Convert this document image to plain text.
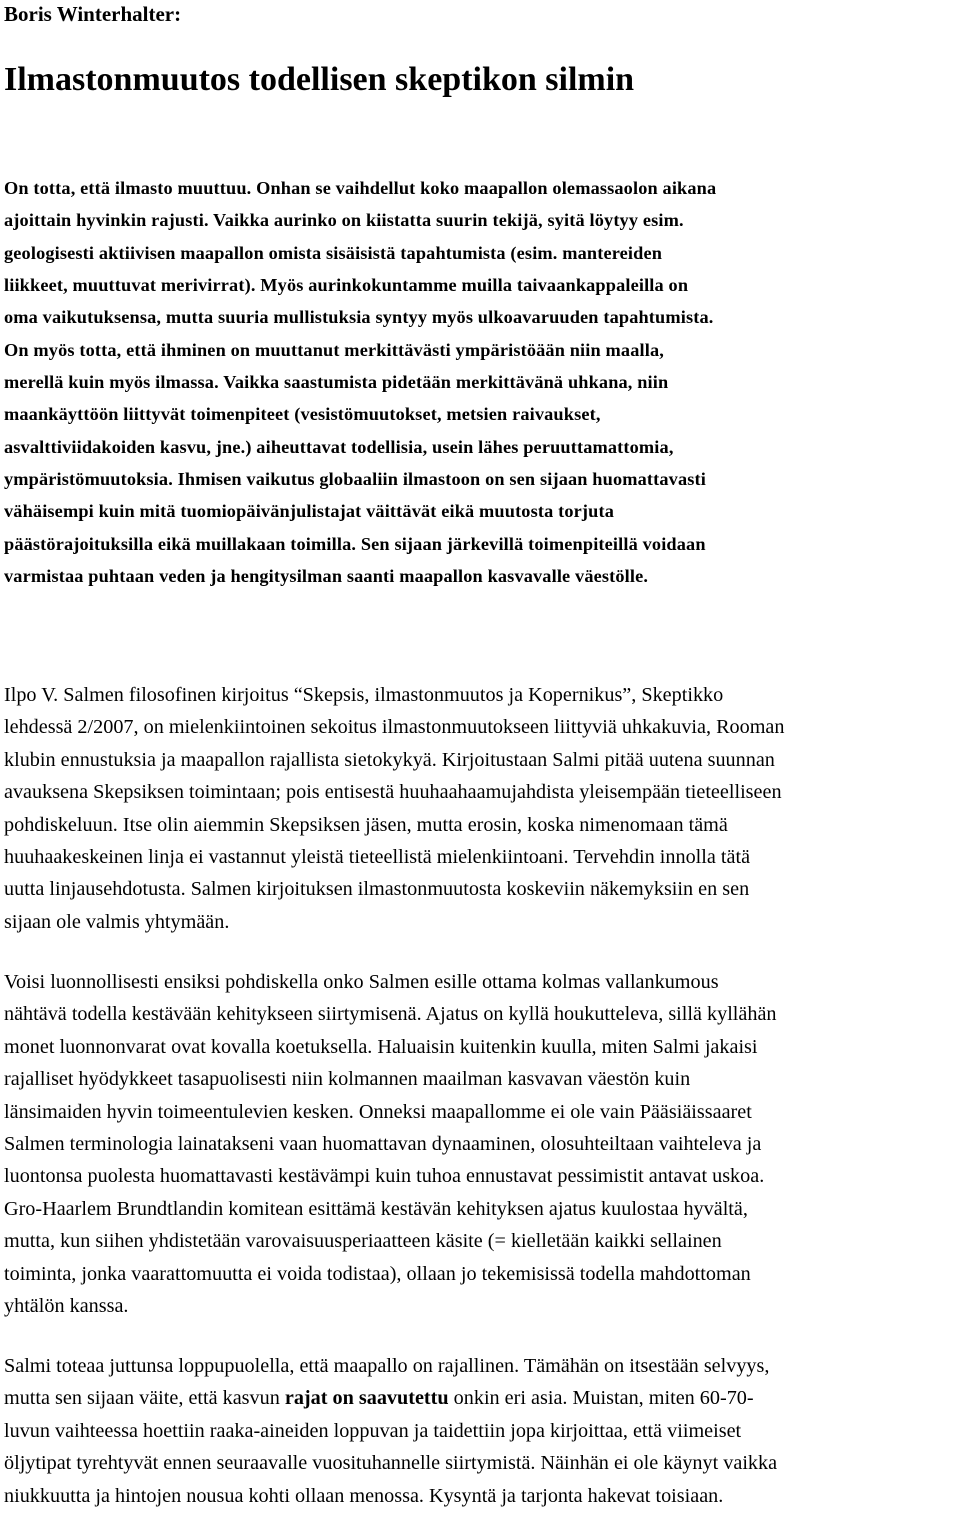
Boris Winterhalter:
Ilmastonmuutos todellisen skeptikon silmin
On totta, että ilmasto muuttuu. Onhan se vaihdellut koko maapallon olemassaolon aikana
ajoittain hyvinkin rajusti. Vaikka aurinko on kiistatta suurin tekijä, syitä löytyy esim.
geologisesti aktiivisen maapallon omista sisäisistä tapahtumista (esim. mantereiden
liikkeet, muuttuvat merivirrat). Myös aurinkokuntamme muilla taivaankappaleilla on
oma vaikutuksensa, mutta suuria mullistuksia syntyy myös ulkoavaruuden tapahtumista.
On myös totta, että ihminen on muuttanut merkittävästi ympäristöään niin maalla,
merellä kuin myös ilmassa. Vaikka saastumista pidetään merkittävänä uhkana, niin
maankäyttöön liittyvät toimenpiteet (vesistömuutokset, metsien raivaukset,
asvalttiviidakoiden kasvu, jne.) aiheuttavat todellisia, usein lähes peruuttamattomia,
ympäristömuutoksia. Ihmisen vaikutus globaaliin ilmastoon on sen sijaan huomattavasti
vähäisempi kuin mitä tuomiopäivänjulistajat väittävät eikä muutosta torjuta
päästörajoituksilla eikä muillakaan toimilla. Sen sijaan järkevillä toimenpiteillä voidaan
varmistaa puhtaan veden ja hengitysilman saanti maapallon kasvavalle väestölle.
Ilpo V. Salmen filosofinen kirjoitus “Skepsis, ilmastonmuutos ja Kopernikus”, Skeptikko
lehdessä 2/2007, on mielenkiintoinen sekoitus ilmastonmuutokseen liittyviä uhkakuvia, Rooman
klubin ennustuksia ja maapallon rajallista sietokykyä. Kirjoitustaan Salmi pitää uutena suunnan
avauksena Skepsiksen toimintaan; pois entisestä huuhaahaamujahdista yleisempään tieteelliseen
pohdiskeluun. Itse olin aiemmin Skepsiksen jäsen, mutta erosin, koska nimenomaan tämä
huuhaakeskeinen linja ei vastannut yleistä tieteellistä mielenkiintoani. Tervehdin innolla tätä
uutta linjausehdotusta. Salmen kirjoituksen ilmastonmuutosta koskeviin näkemyksiin en sen
sijaan ole valmis yhtymään.
Voisi luonnollisesti ensiksi pohdiskella onko Salmen esille ottama kolmas vallankumous
nähtävä todella kestävään kehitykseen siirtymisenä. Ajatus on kyllä houkutteleva, sillä kyllähän
monet luonnonvarat ovat kovalla koetuksella. Haluaisin kuitenkin kuulla, miten Salmi jakaisi
rajalliset hyödykkeet tasapuolisesti niin kolmannen maailman kasvavan väestön kuin
länsimaiden hyvin toimeentulevien kesken. Onneksi maapallomme ei ole vain Pääsiäissaaret
Salmen terminologia lainatakseni vaan huomattavan dynaaminen, olosuhteiltaan vaihteleva ja
luontonsa puolesta huomattavasti kestävämpi kuin tuhoa ennustavat pessimistit antavat uskoa.
Gro-Haarlem Brundtlandin komitean esittämä kestävän kehityksen ajatus kuulostaa hyvältä,
mutta, kun siihen yhdistetään varovaisuusperiaatteen käsite (= kielletään kaikki sellainen
toiminta, jonka vaarattomuutta ei voida todistaa), ollaan jo tekemisissä todella mahdottoman
yhtälön kanssa.
Salmi toteaa juttunsa loppupuolella, että maapallo on rajallinen. Tämähän on itsestään selvyys,
mutta sen sijaan väite, että kasvun rajat on saavutettu onkin eri asia. Muistan, miten 60-70-
luvun vaihteessa hoettiin raaka-aineiden loppuvan ja taidettiin jopa kirjoittaa, että viimeiset
öljytipat tyrehtyvät ennen seuraavalle vuosituhannelle siirtymistä. Näinhän ei ole käynyt vaikka
niukkuutta ja hintojen nousua kohti ollaan menossa. Kysyntä ja tarjonta hakevat toisiaan.
